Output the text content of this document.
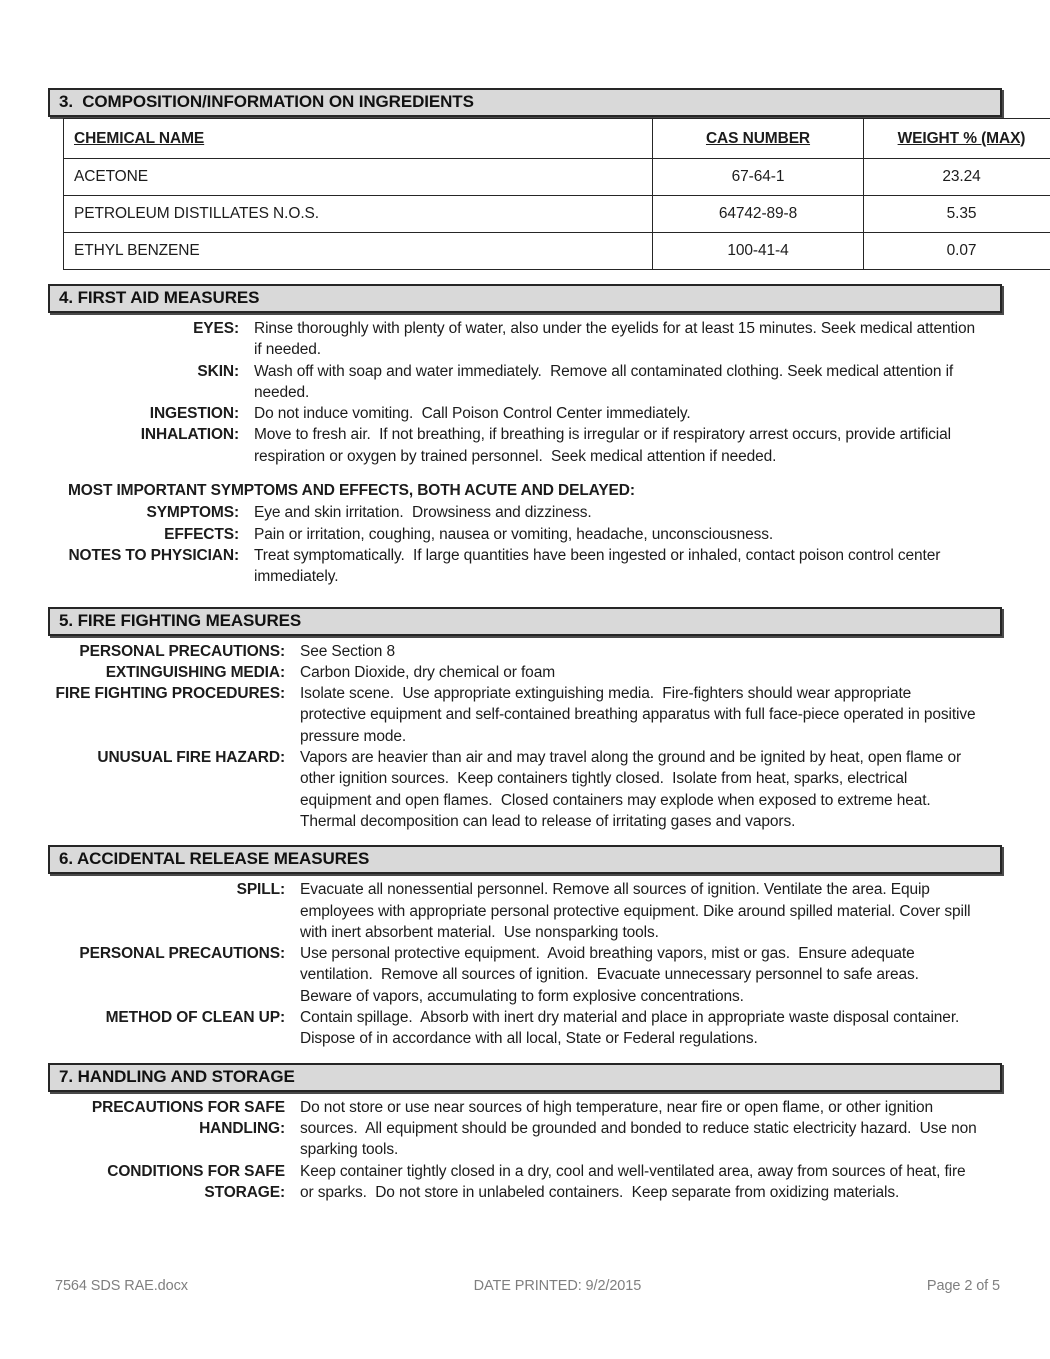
3.  COMPOSITION/INFORMATION ON INGREDIENTS
CHEMICAL NAME	CAS NUMBER	WEIGHT % (MAX)
ACETONE	67-64-1	23.24
PETROLEUM DISTILLATES N.O.S.	64742-89-8	5.35
ETHYL BENZENE	100-41-4	0.07
4. FIRST AID MEASURES
EYES: Rinse thoroughly with plenty of water, also under the eyelids for at least 15 minutes. Seek medical attention if needed.
SKIN: Wash off with soap and water immediately.  Remove all contaminated clothing. Seek medical attention if needed.
INGESTION: Do not induce vomiting.  Call Poison Control Center immediately.
INHALATION: Move to fresh air.  If not breathing, if breathing is irregular or if respiratory arrest occurs, provide artificial respiration or oxygen by trained personnel.  Seek medical attention if needed.
MOST IMPORTANT SYMPTOMS AND EFFECTS, BOTH ACUTE AND DELAYED:
SYMPTOMS: Eye and skin irritation.  Drowsiness and dizziness.
EFFECTS: Pain or irritation, coughing, nausea or vomiting, headache, unconsciousness.
NOTES TO PHYSICIAN: Treat symptomatically.  If large quantities have been ingested or inhaled, contact poison control center immediately.
5. FIRE FIGHTING MEASURES
PERSONAL PRECAUTIONS: See Section 8
EXTINGUISHING MEDIA: Carbon Dioxide, dry chemical or foam
FIRE FIGHTING PROCEDURES: Isolate scene.  Use appropriate extinguishing media.  Fire-fighters should wear appropriate protective equipment and self-contained breathing apparatus with full face-piece operated in positive pressure mode.
UNUSUAL FIRE HAZARD: Vapors are heavier than air and may travel along the ground and be ignited by heat, open flame or other ignition sources.  Keep containers tightly closed.  Isolate from heat, sparks, electrical equipment and open flames.  Closed containers may explode when exposed to extreme heat.  Thermal decomposition can lead to release of irritating gases and vapors.
6. ACCIDENTAL RELEASE MEASURES
SPILL: Evacuate all nonessential personnel. Remove all sources of ignition. Ventilate the area. Equip employees with appropriate personal protective equipment. Dike around spilled material. Cover spill with inert absorbent material.  Use nonsparking tools.
PERSONAL PRECAUTIONS: Use personal protective equipment.  Avoid breathing vapors, mist or gas.  Ensure adequate ventilation.  Remove all sources of ignition.  Evacuate unnecessary personnel to safe areas.  Beware of vapors, accumulating to form explosive concentrations.
METHOD OF CLEAN UP: Contain spillage.  Absorb with inert dry material and place in appropriate waste disposal container.  Dispose of in accordance with all local, State or Federal regulations.
7. HANDLING AND STORAGE
PRECAUTIONS FOR SAFE HANDLING:
Do not store or use near sources of high temperature, near fire or open flame, or other ignition sources.  All equipment should be grounded and bonded to reduce static electricity hazard.  Use non sparking tools.
CONDITIONS FOR SAFE STORAGE:
Keep container tightly closed in a dry, cool and well-ventilated area, away from sources of heat, fire or sparks.  Do not store in unlabeled containers.  Keep separate from oxidizing materials.
7564 SDS RAE.docx	DATE PRINTED: 9/2/2015	Page 2 of 5
